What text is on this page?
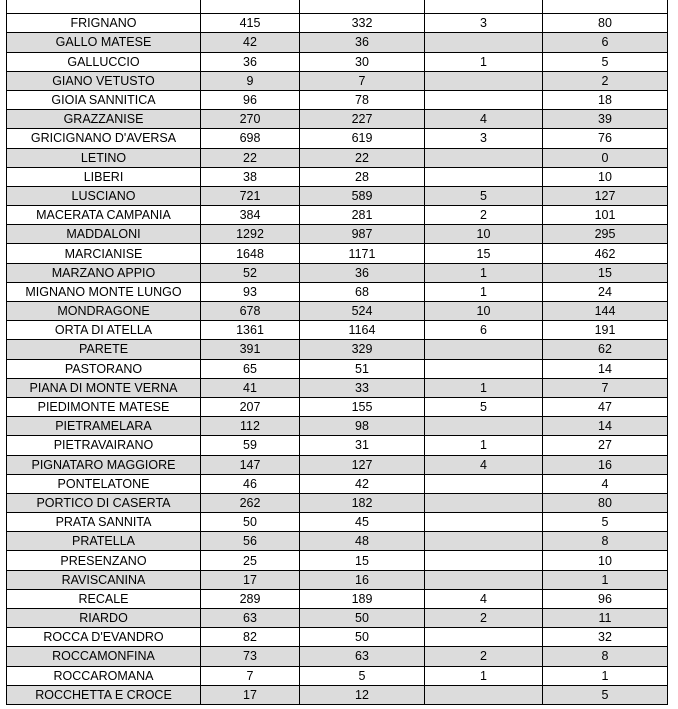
FRIGNANO	415	332	3	80
GALLO MATESE	42	36		6
GALLUCCIO	36	30	1	5
GIANO VETUSTO	9	7		2
GIOIA SANNITICA	96	78		18
GRAZZANISE	270	227	4	39
GRICIGNANO D'AVERSA	698	619	3	76
LETINO	22	22		0
LIBERI	38	28		10
LUSCIANO	721	589	5	127
MACERATA CAMPANIA	384	281	2	101
MADDALONI	1292	987	10	295
MARCIANISE	1648	1171	15	462
MARZANO APPIO	52	36	1	15
MIGNANO MONTE LUNGO	93	68	1	24
MONDRAGONE	678	524	10	144
ORTA DI ATELLA	1361	1164	6	191
PARETE	391	329		62
PASTORANO	65	51		14
PIANA DI MONTE VERNA	41	33	1	7
PIEDIMONTE MATESE	207	155	5	47
PIETRAMELARA	112	98		14
PIETRAVAIRANO	59	31	1	27
PIGNATARO MAGGIORE	147	127	4	16
PONTELATONE	46	42		4
PORTICO DI CASERTA	262	182		80
PRATA SANNITA	50	45		5
PRATELLA	56	48		8
PRESENZANO	25	15		10
RAVISCANINA	17	16		1
RECALE	289	189	4	96
RIARDO	63	50	2	11
ROCCA D'EVANDRO	82	50		32
ROCCAMONFINA	73	63	2	8
ROCCAROMANA	7	5	1	1
ROCCHETTA E CROCE	17	12		5
